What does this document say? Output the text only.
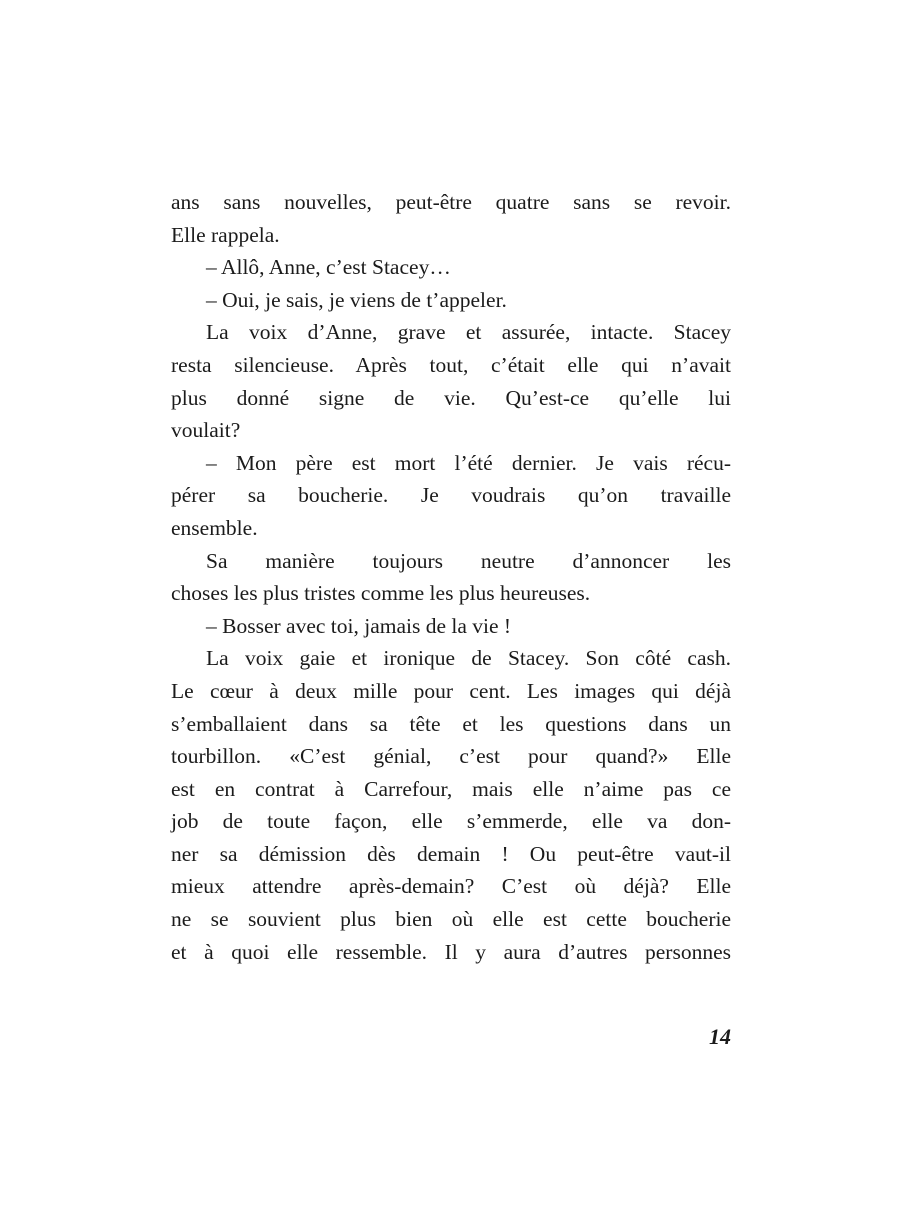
ans sans nouvelles, peut-être quatre sans se revoir.
Elle rappela.
– Allô, Anne, c’est Stacey…
– Oui, je sais, je viens de t’appeler.
La voix d’Anne, grave et assurée, intacte. Stacey
resta silencieuse. Après tout, c’était elle qui n’avait
plus donné signe de vie. Qu’est-ce qu’elle lui
voulait?
– Mon père est mort l’été dernier. Je vais récu-
pérer sa boucherie. Je voudrais qu’on travaille
ensemble.
Sa manière toujours neutre d’annoncer les
choses les plus tristes comme les plus heureuses.
– Bosser avec toi, jamais de la vie !
La voix gaie et ironique de Stacey. Son côté cash.
Le cœur à deux mille pour cent. Les images qui déjà
s’emballaient dans sa tête et les questions dans un
tourbillon. «C’est génial, c’est pour quand?» Elle
est en contrat à Carrefour, mais elle n’aime pas ce
job de toute façon, elle s’emmerde, elle va don-
ner sa démission dès demain ! Ou peut-être vaut-il
mieux attendre après-demain? C’est où déjà? Elle
ne se souvient plus bien où elle est cette boucherie
et à quoi elle ressemble. Il y aura d’autres personnes
14
